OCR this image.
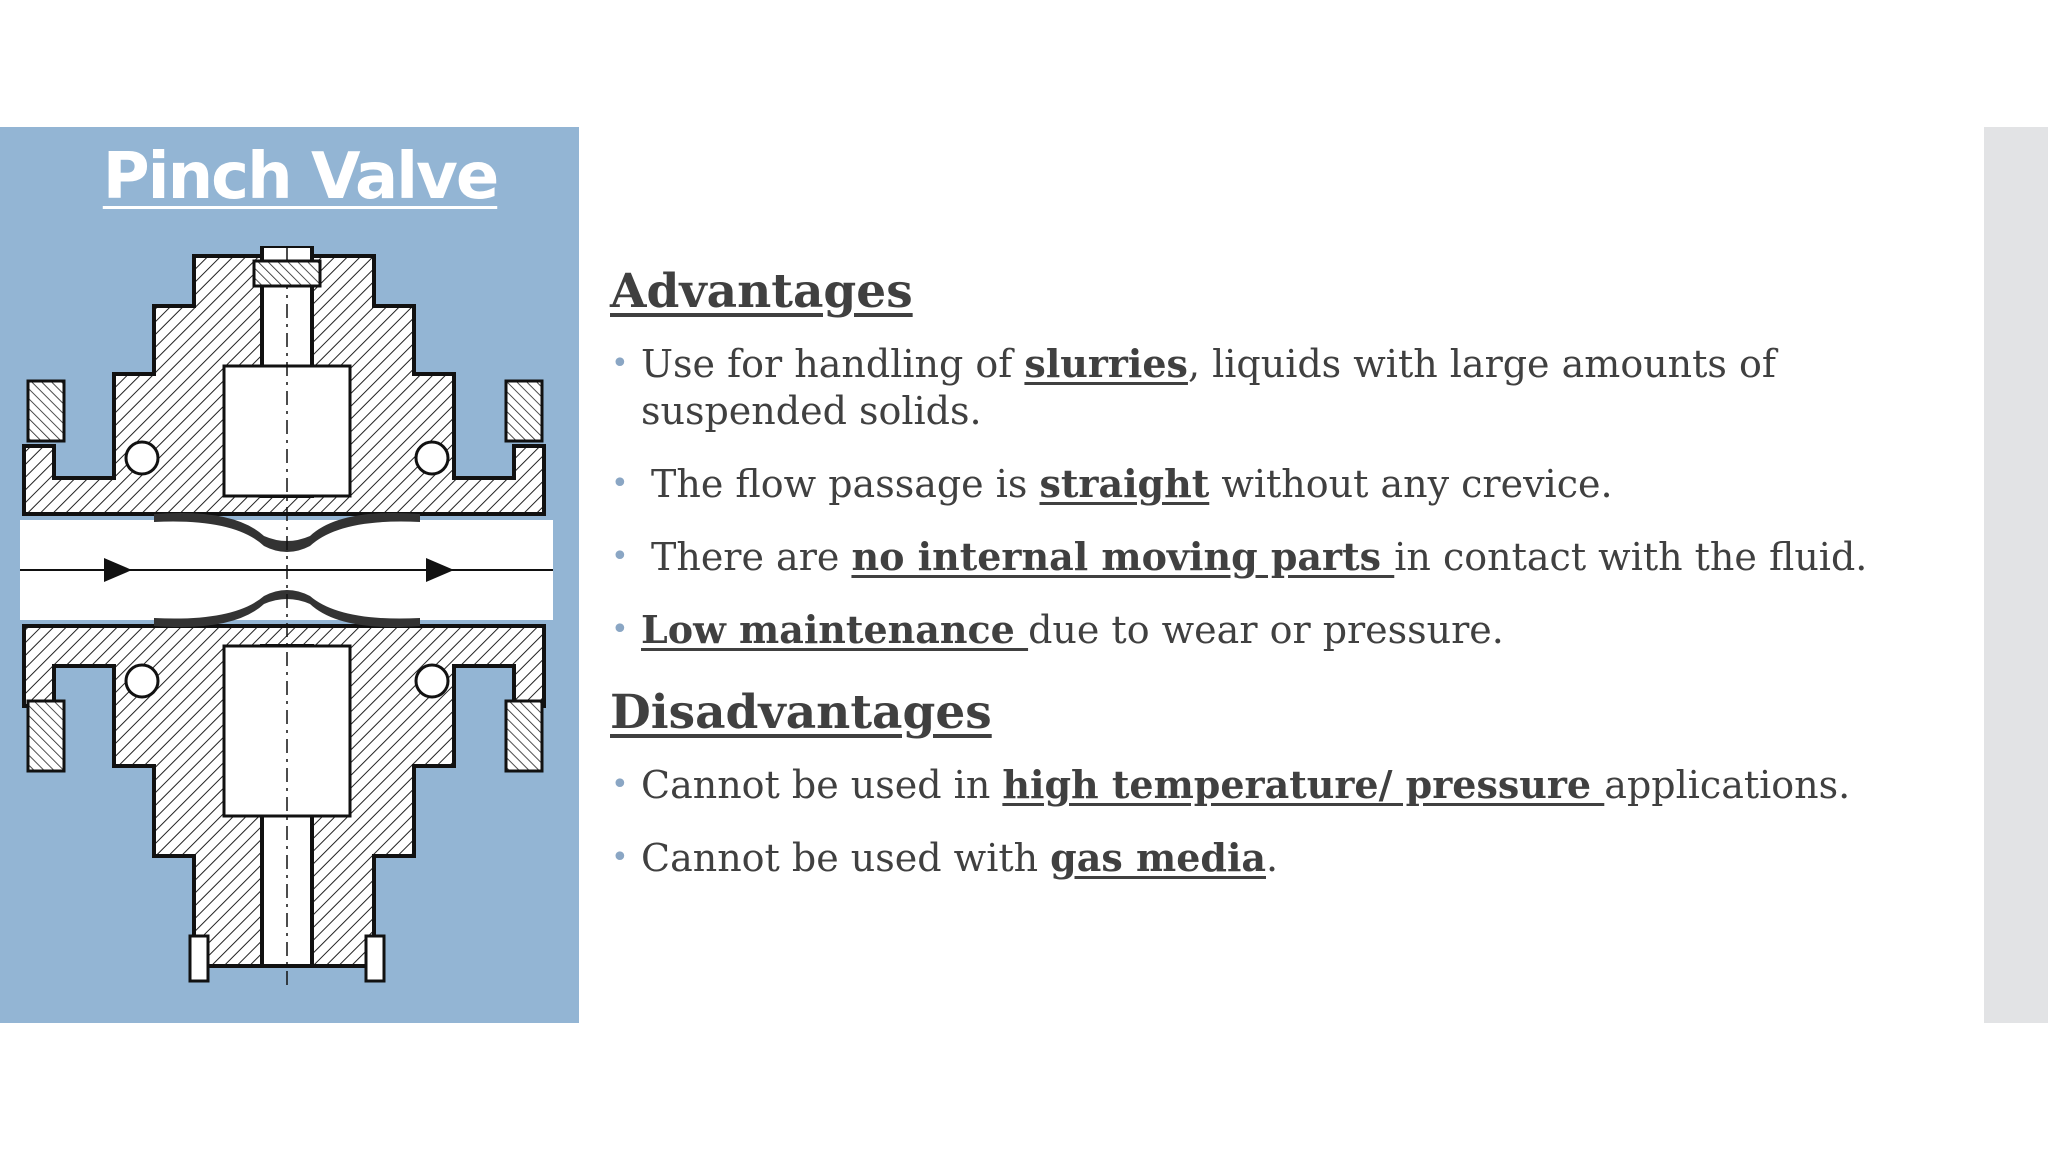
Pinch Valve
Advantages
• Use for handling of slurries, liquids with large amounts of suspended solids.
• The flow passage is straight without any crevice.
• There are no internal moving parts in contact with the fluid.
• Low maintenance due to wear or pressure.
Disadvantages
• Cannot be used in high temperature/ pressure applications.
• Cannot be used with gas media.
